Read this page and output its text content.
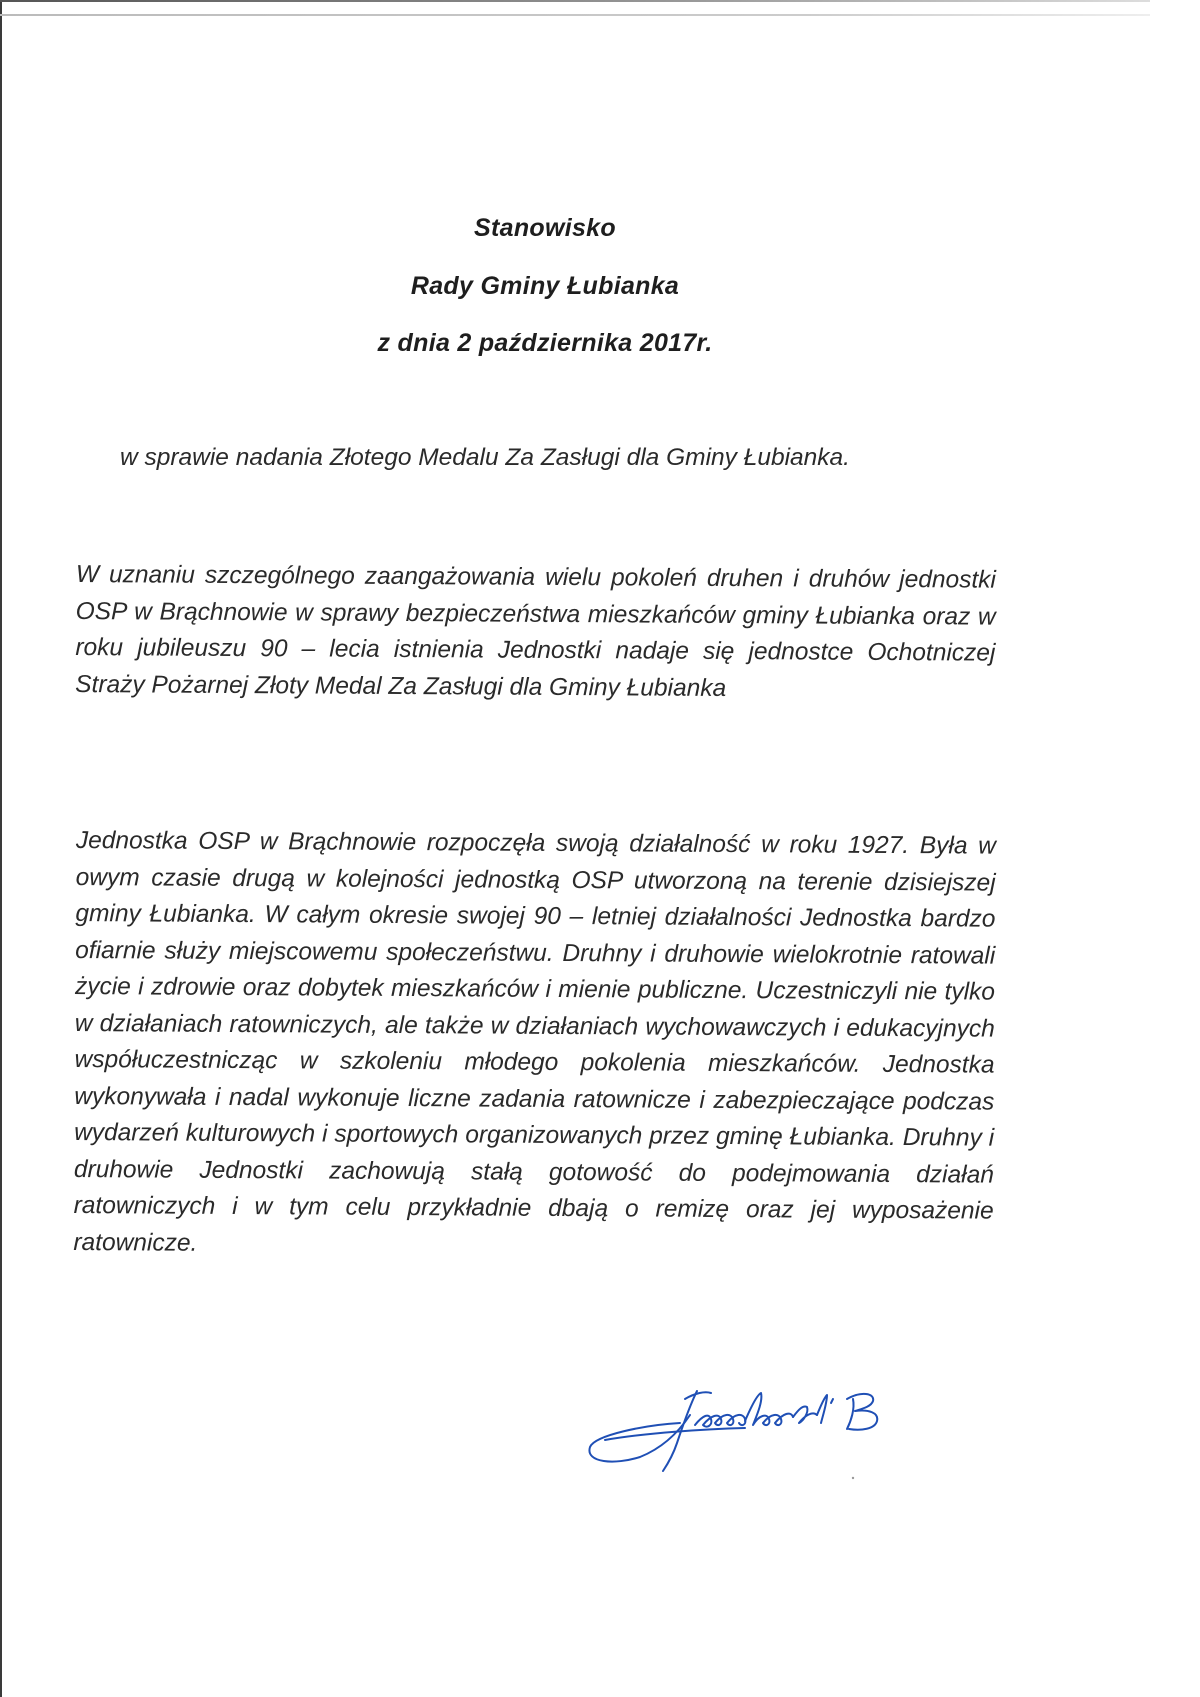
Stanowisko
Rady Gminy Łubianka
z dnia 2 października 2017r.
w sprawie nadania Złotego Medalu Za Zasługi dla Gminy Łubianka.
W uznaniu szczególnego zaangażowania wielu pokoleń druhen i druhów jednostki OSP w Brąchnowie w sprawy bezpieczeństwa mieszkańców gminy Łubianka oraz w roku jubileuszu 90 – lecia istnienia Jednostki nadaje się jednostce Ochotniczej Straży Pożarnej Złoty Medal Za Zasługi dla Gminy Łubianka
Jednostka OSP w Brąchnowie rozpoczęła swoją działalność w roku 1927. Była w owym czasie drugą w kolejności jednostką OSP utworzoną na terenie dzisiejszej gminy Łubianka. W całym okresie swojej 90 – letniej działalności Jednostka bardzo ofiarnie służy miejscowemu społeczeństwu. Druhny i druhowie wielokrotnie ratowali życie i zdrowie oraz dobytek mieszkańców i mienie publiczne. Uczestniczyli nie tylko w działaniach ratowniczych, ale także w działaniach wychowawczych i edukacyjnych współuczestnicząc w szkoleniu młodego pokolenia mieszkańców. Jednostka wykonywała i nadal wykonuje liczne zadania ratownicze i zabezpieczające podczas wydarzeń kulturowych i sportowych organizowanych przez gminę Łubianka. Druhny i druhowie Jednostki zachowują stałą gotowość do podejmowania działań ratowniczych i w tym celu przykładnie dbają o remizę oraz jej wyposażenie ratownicze.
